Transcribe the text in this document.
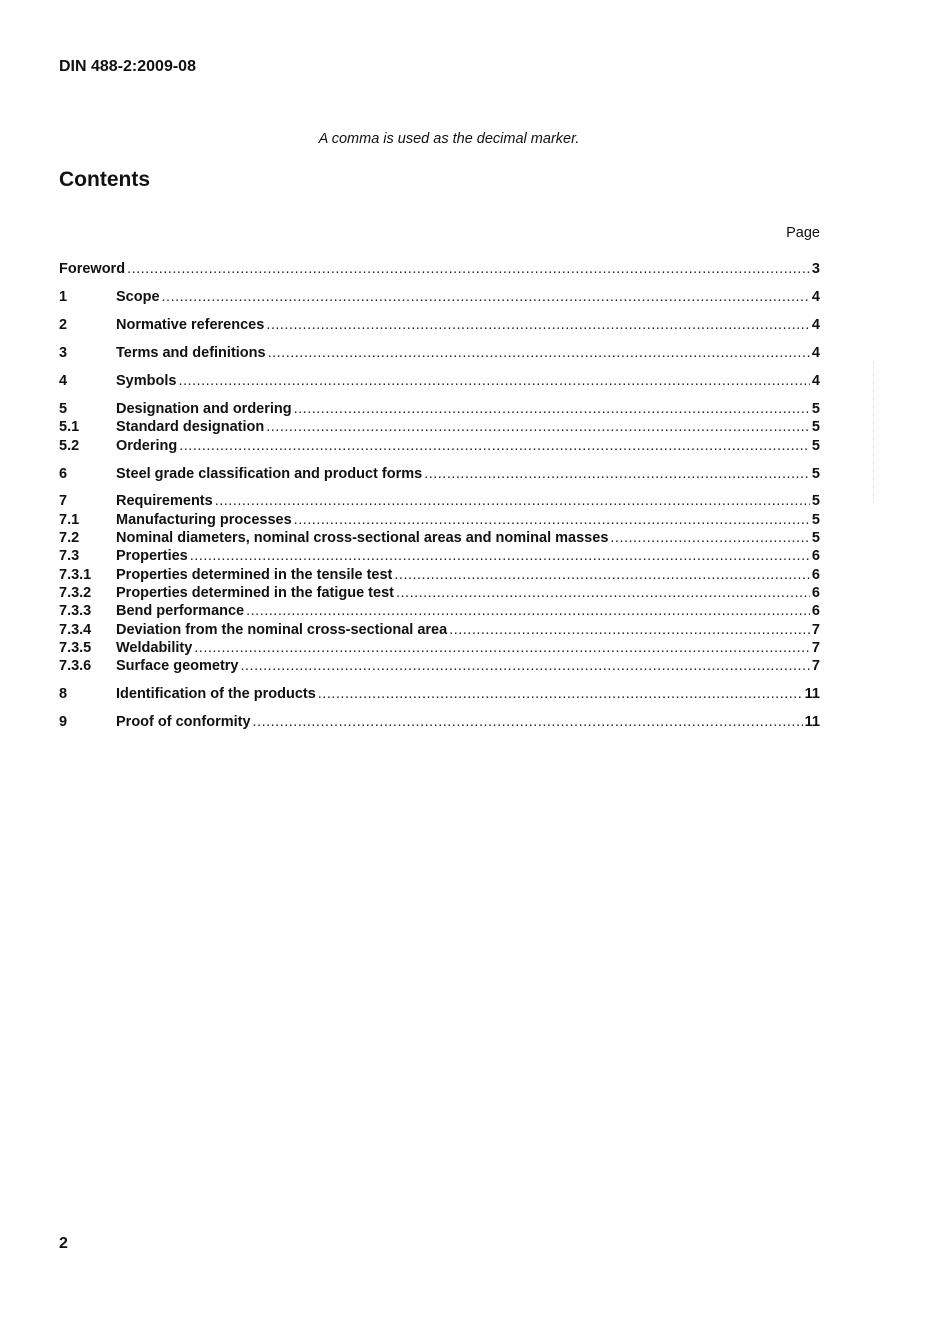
DIN 488-2:2009-08
A comma is used as the decimal marker.
Contents
Page
Foreword .....	3
1	Scope .....	4
2	Normative references .....	4
3	Terms and definitions .....	4
4	Symbols .....	4
5	Designation and ordering .....	5
5.1	Standard designation .....	5
5.2	Ordering .....	5
6	Steel grade classification and product forms .....	5
7	Requirements .....	5
7.1	Manufacturing processes .....	5
7.2	Nominal diameters, nominal cross-sectional areas and nominal masses .....	5
7.3	Properties .....	6
7.3.1	Properties determined in the tensile test .....	6
7.3.2	Properties determined in the fatigue test .....	6
7.3.3	Bend performance .....	6
7.3.4	Deviation from the nominal cross-sectional area .....	7
7.3.5	Weldability .....	7
7.3.6	Surface geometry .....	7
8	Identification of the products .....	11
9	Proof of conformity .....	11
2
